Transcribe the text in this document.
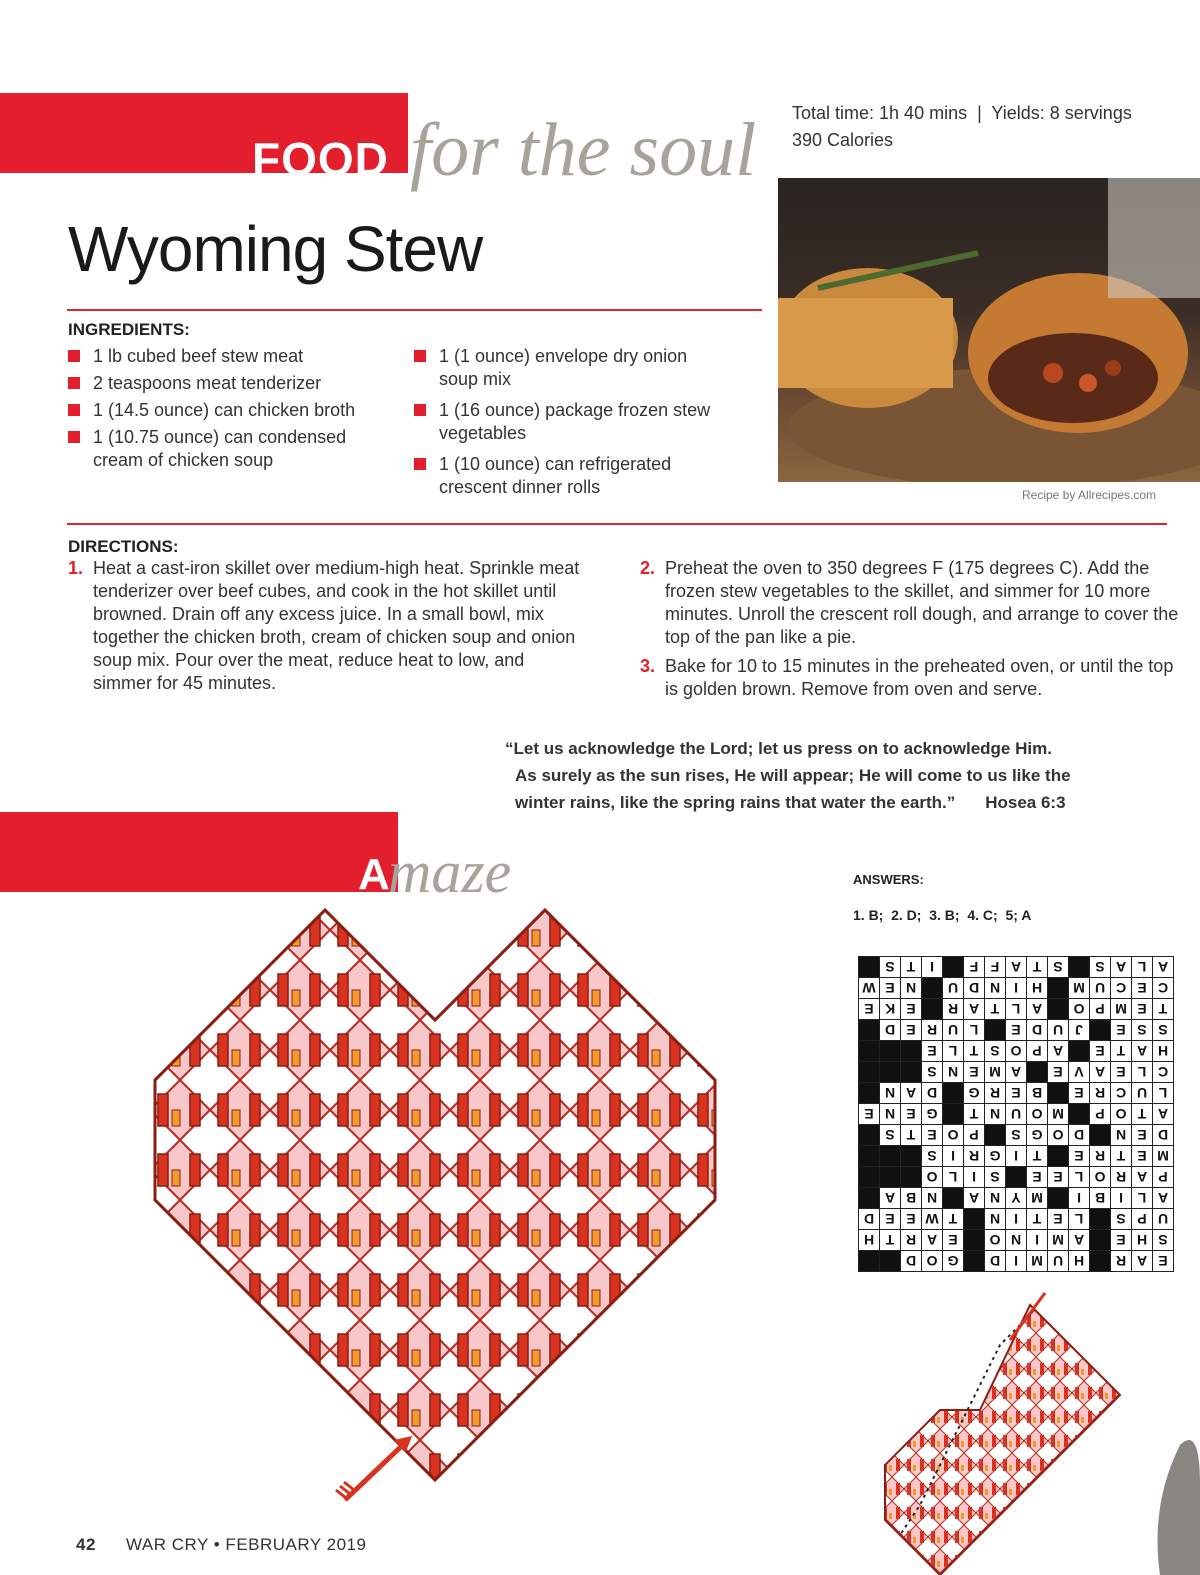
FOOD for the soul Total time: 1h 40 mins  |  Yields: 8 servings
390 Calories
Recipe by Allrecipes.com
Wyoming Stew
INGREDIENTS:
1 lb cubed beef stew meat
2 teaspoons meat tenderizer
1 (14.5 ounce) can chicken broth
1 (10.75 ounce) can condensed cream of chicken soup
1 (1 ounce) envelope dry onion soup mix
1 (16 ounce) package frozen stew vegetables
1 (10 ounce) can refrigerated crescent dinner rolls
DIRECTIONS:
1. Heat a cast-iron skillet over medium-high heat. Sprinkle meat tenderizer over beef cubes, and cook in the hot skillet until browned. Drain off any excess juice. In a small bowl, mix together the chicken broth, cream of chicken soup and onion soup mix. Pour over the meat, reduce heat to low, and simmer for 45 minutes.
2. Preheat the oven to 350 degrees F (175 degrees C). Add the frozen stew vegetables to the skillet, and simmer for 10 more minutes. Unroll the crescent roll dough, and arrange to cover the top of the pan like a pie.
3. Bake for 10 to 15 minutes in the preheated oven, or until the top is golden brown. Remove from oven and serve.
“Let us acknowledge the Lord; let us press on to acknowledge Him.
As surely as the sun rises, He will appear; He will come to us like the
winter rains, like the spring rains that water the earth.” Hosea 6:3
A
maze	ANSWERS:
1. B;  2. D;  3. B;  4. C;  5; A
E	A	R		H	U	M	I	D		G	O	D		
S	H	E		A	M	I	N	O		E	A	R	T	H
U	P	S		L	E	T	I	N		T	W	E	E	D
A	L	I	B	I		M	Y	N	A		N	B	A	
P	A	R	O	L	E	E		S	I	L	O			
M	E	T	R	E		T	I	G	R	I	S			
D	E	N		D	O	G	S		P	O	E	T	S	
A	T	O	P		M	O	U	N	T		G	E	N	E
L	U	C	R	E		B	E	R	G		D	A	N	
C	L	E	A	V	E		A	M	E	N	S			
H	A	T	E		A	P	O	S	T	L	E			
S	S	E		J	U	D	E		L	U	R	E	D	
T	E	M	P	O		A	L	T	A	R		E	K	E
C	E	C	U	M		H	I	N	D	U		N	E	W
A	L	A	S		S	T	A	F	F		I	T	S	
42 WAR CRY • FEBRUARY 2019
